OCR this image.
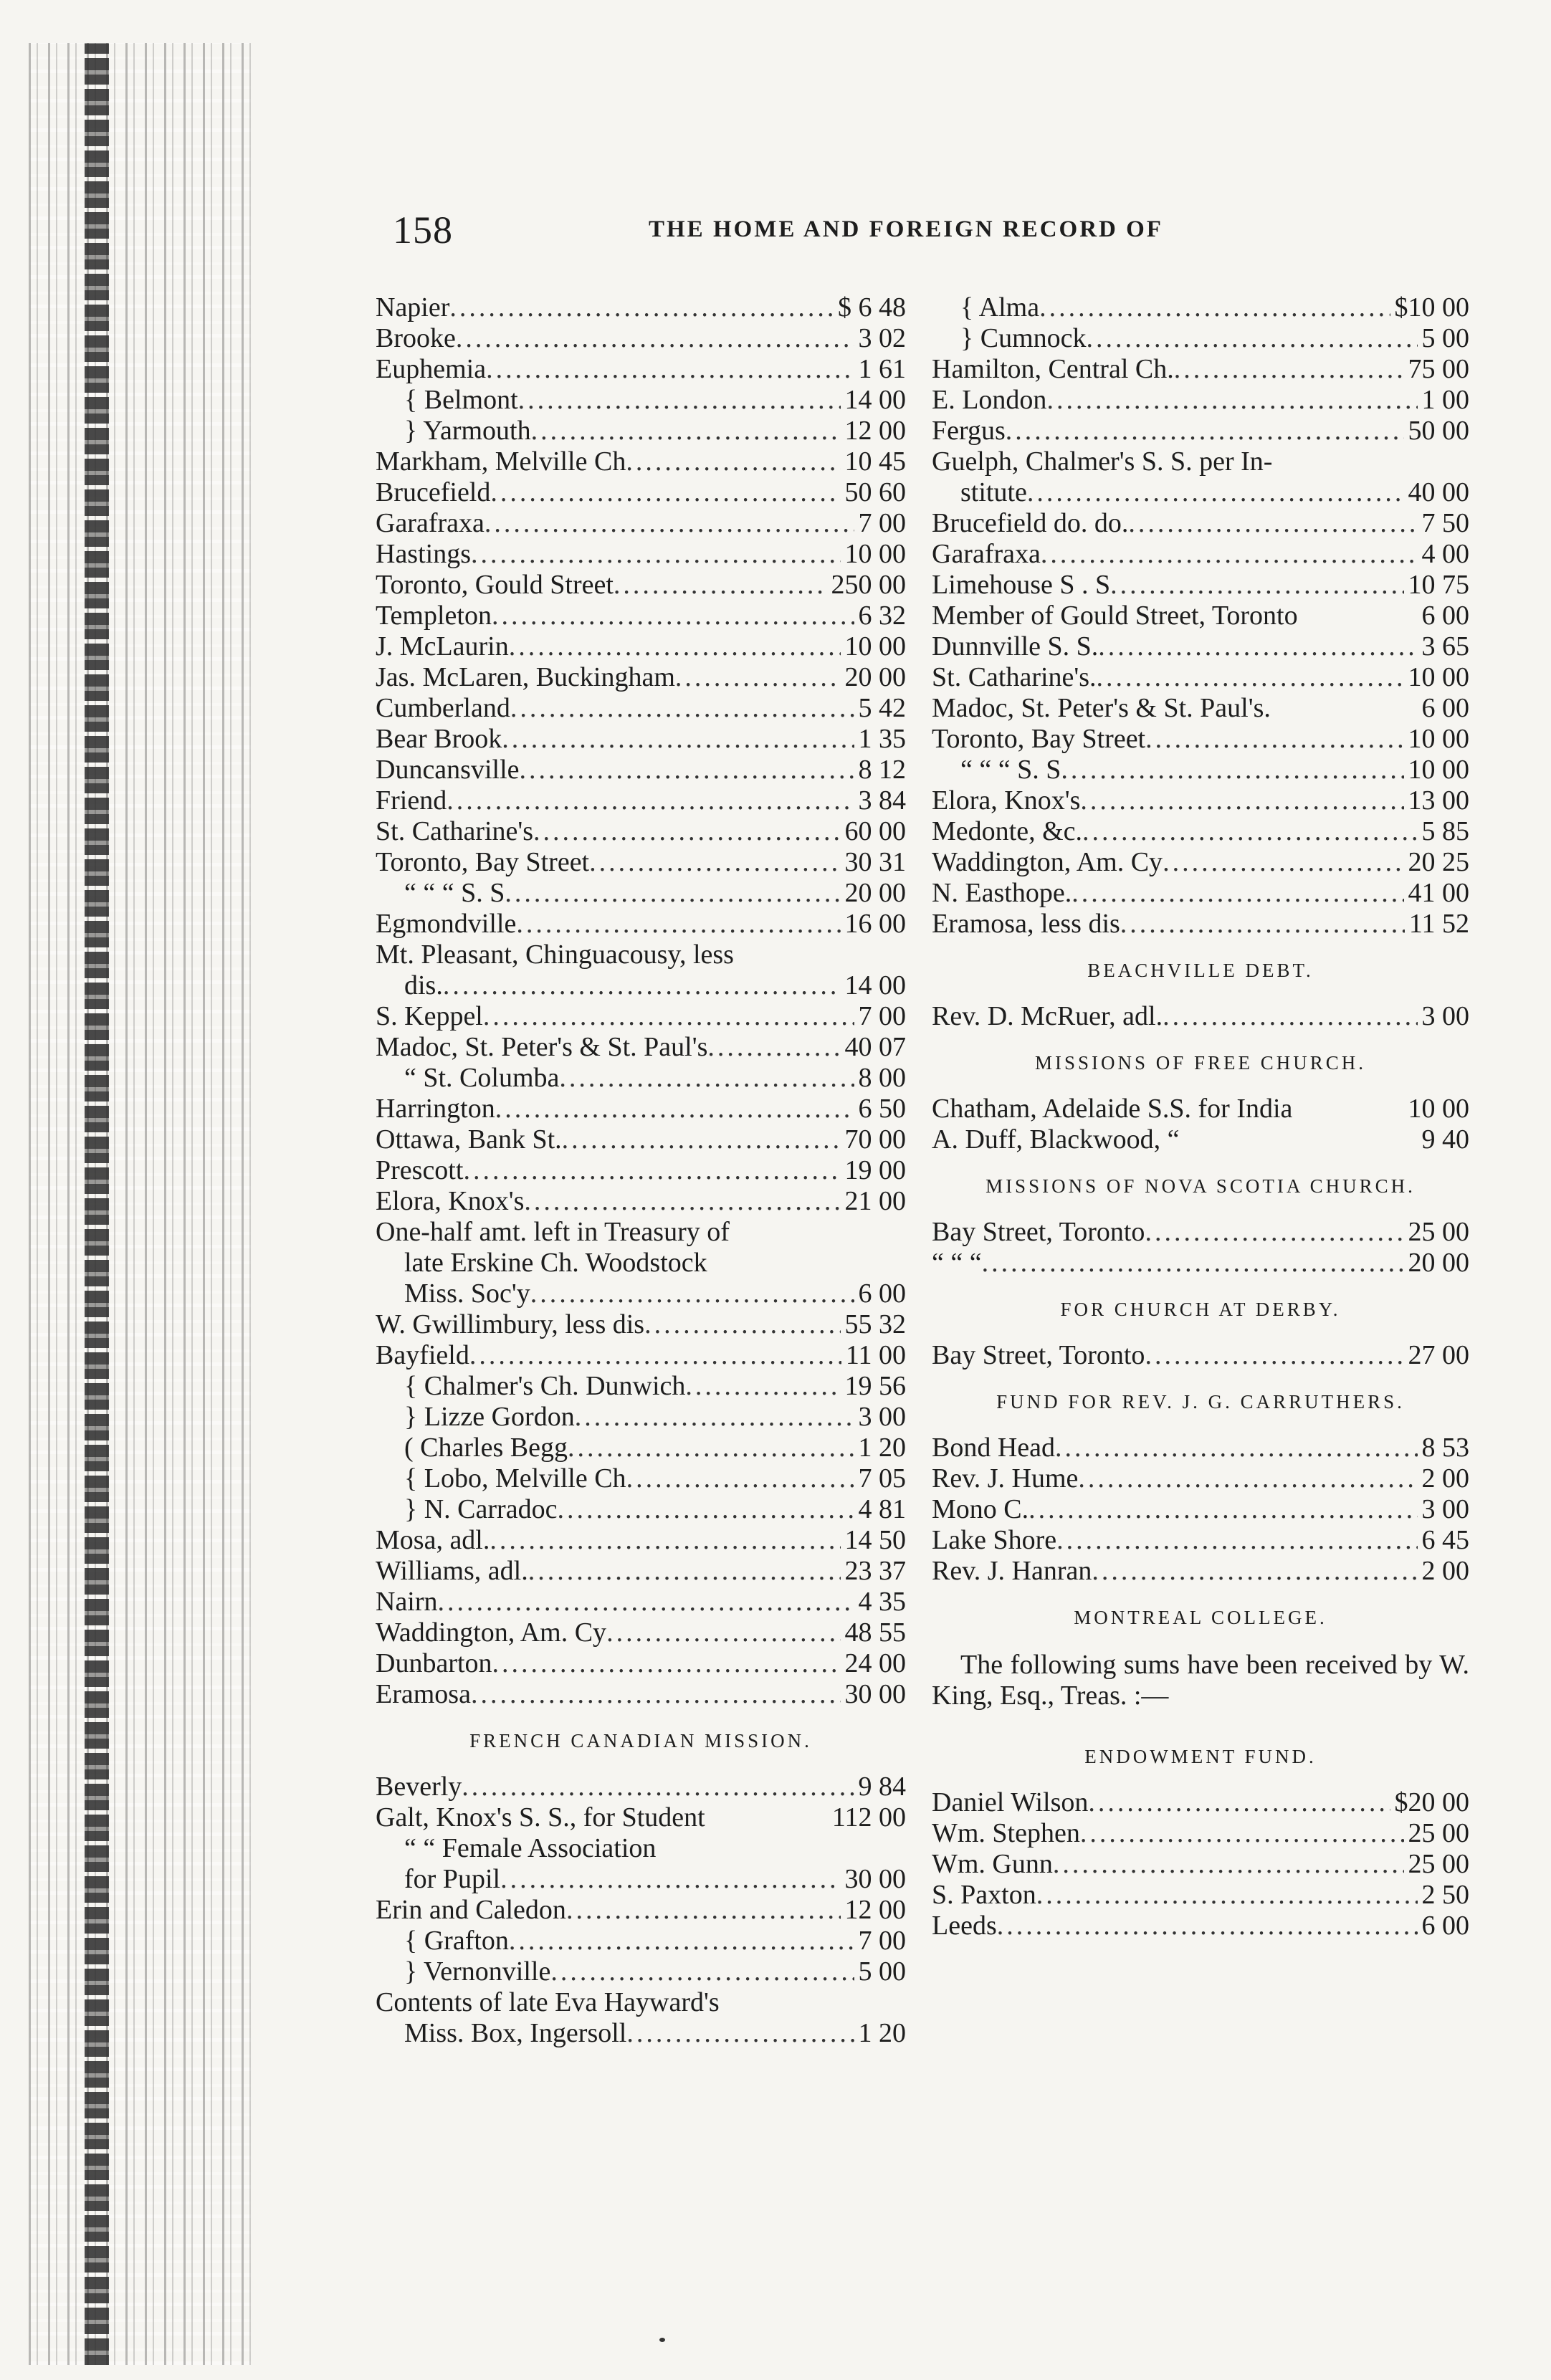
158	THE HOME AND FOREIGN RECORD OF
Napier .....	$ 6 48
Brooke .....	3 02
Euphemia .....	1 61
{ Belmont .....	14 00
} Yarmouth .....	12 00
Markham, Melville Ch .....	10 45
Brucefield .....	50 60
Garafraxa .....	7 00
Hastings .....	10 00
Toronto, Gould Street .....	250 00
Templeton .....	6 32
J. McLaurin .....	10 00
Jas. McLaren, Buckingham .....	20 00
Cumberland .....	5 42
Bear Brook .....	1 35
Duncansville .....	8 12
Friend .....	3 84
St. Catharine's .....	60 00
Toronto, Bay Street .....	30 31
“ “ “ S. S .....	20 00
Egmondville .....	16 00
Mt. Pleasant, Chinguacousy, less
dis. .....	14 00
S. Keppel .....	7 00
Madoc, St. Peter's & St. Paul's .....	40 07
“ St. Columba .....	8 00
Harrington .....	6 50
Ottawa, Bank St. .....	70 00
Prescott .....	19 00
Elora, Knox's .....	21 00
One-half amt. left in Treasury of
late Erskine Ch. Woodstock
Miss. Soc'y .....	6 00
W. Gwillimbury, less dis .....	55 32
Bayfield .....	11 00
{ Chalmer's Ch. Dunwich .....	19 56
} Lizze Gordon .....	3 00
( Charles Begg .....	1 20
{ Lobo, Melville Ch .....	7 05
} N. Carradoc .....	4 81
Mosa, adl. .....	14 50
Williams, adl. .....	23 37
Nairn .....	4 35
Waddington, Am. Cy .....	48 55
Dunbarton .....	24 00
Eramosa .....	30 00
FRENCH CANADIAN MISSION.
Beverly .....	9 84
Galt, Knox's S. S., for Student	112 00
“ “ Female Association
for Pupil .....	30 00
Erin and Caledon .....	12 00
{ Grafton .....	7 00
} Vernonville .....	5 00
Contents of late Eva Hayward's
Miss. Box, Ingersoll .....	1 20
{ Alma .....	$10 00
} Cumnock .....	5 00
Hamilton, Central Ch. .....	75 00
E. London .....	1 00
Fergus .....	50 00
Guelph, Chalmer's S. S. per In-
stitute .....	40 00
Brucefield do. do. .....	7 50
Garafraxa .....	4 00
Limehouse S . S .....	10 75
Member of Gould Street, Toronto	6 00
Dunnville S. S. .....	3 65
St. Catharine's. .....	10 00
Madoc, St. Peter's & St. Paul's.	6 00
Toronto, Bay Street .....	10 00
“ “ “ S. S .....	10 00
Elora, Knox's .....	13 00
Medonte, &c. .....	5 85
Waddington, Am. Cy .....	20 25
N. Easthope. .....	41 00
Eramosa, less dis .....	11 52
BEACHVILLE DEBT.
Rev. D. McRuer, adl. .....	3 00
MISSIONS OF FREE CHURCH.
Chatham, Adelaide S.S. for India	10 00
A. Duff, Blackwood, “	9 40
MISSIONS OF NOVA SCOTIA CHURCH.
Bay Street, Toronto .....	25 00
“ “ “ .....	20 00
FOR CHURCH AT DERBY.
Bay Street, Toronto .....	27 00
FUND FOR REV. J. G. CARRUTHERS.
Bond Head .....	8 53
Rev. J. Hume .....	2 00
Mono C. .....	3 00
Lake Shore .....	6 45
Rev. J. Hanran .....	2 00
MONTREAL COLLEGE.
The following sums have been received by W. King, Esq., Treas. :—
ENDOWMENT FUND.
Daniel Wilson .....	$20 00
Wm. Stephen .....	25 00
Wm. Gunn .....	25 00
S. Paxton .....	2 50
Leeds .....	6 00
